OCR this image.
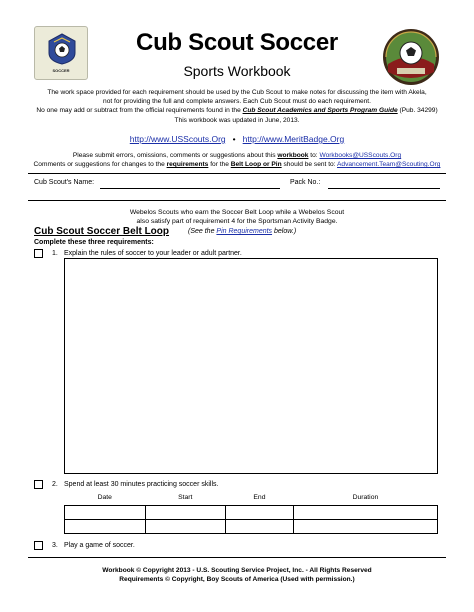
SOCCER
Cub Scout Soccer
Sports Workbook
The work space provided for each requirement should be used by the Cub Scout to make notes for discussing the item with Akela,
not for providing the full and complete answers. Each Cub Scout must do each requirement.
No one may add or subtract from the official requirements found in the Cub Scout Academics and Sports Program Guide (Pub. 34299)
This workbook was updated in June, 2013.
http://www.USScouts.Org • http://www.MeritBadge.Org
Please submit errors, omissions, comments or suggestions about this workbook to: Workbooks@USScouts.Org
Comments or suggestions for changes to the requirements for the Belt Loop or Pin should be sent to: Advancement.Team@Scouting.Org
Cub Scout's Name:	Pack No.:
Webelos Scouts who earn the Soccer Belt Loop while a Webelos Scout
also satisfy part of requirement 4 for the Sportsman Activity Badge.
Cub Scout Soccer Belt Loop	(See the Pin Requirements below.)
Complete these three requirements:
1. Explain the rules of soccer to your leader or adult partner.
2. Spend at least 30 minutes practicing soccer skills.
Date	Start	End	Duration

3. Play a game of soccer.
Workbook © Copyright 2013 - U.S. Scouting Service Project, Inc. - All Rights Reserved
Requirements © Copyright, Boy Scouts of America (Used with permission.)
